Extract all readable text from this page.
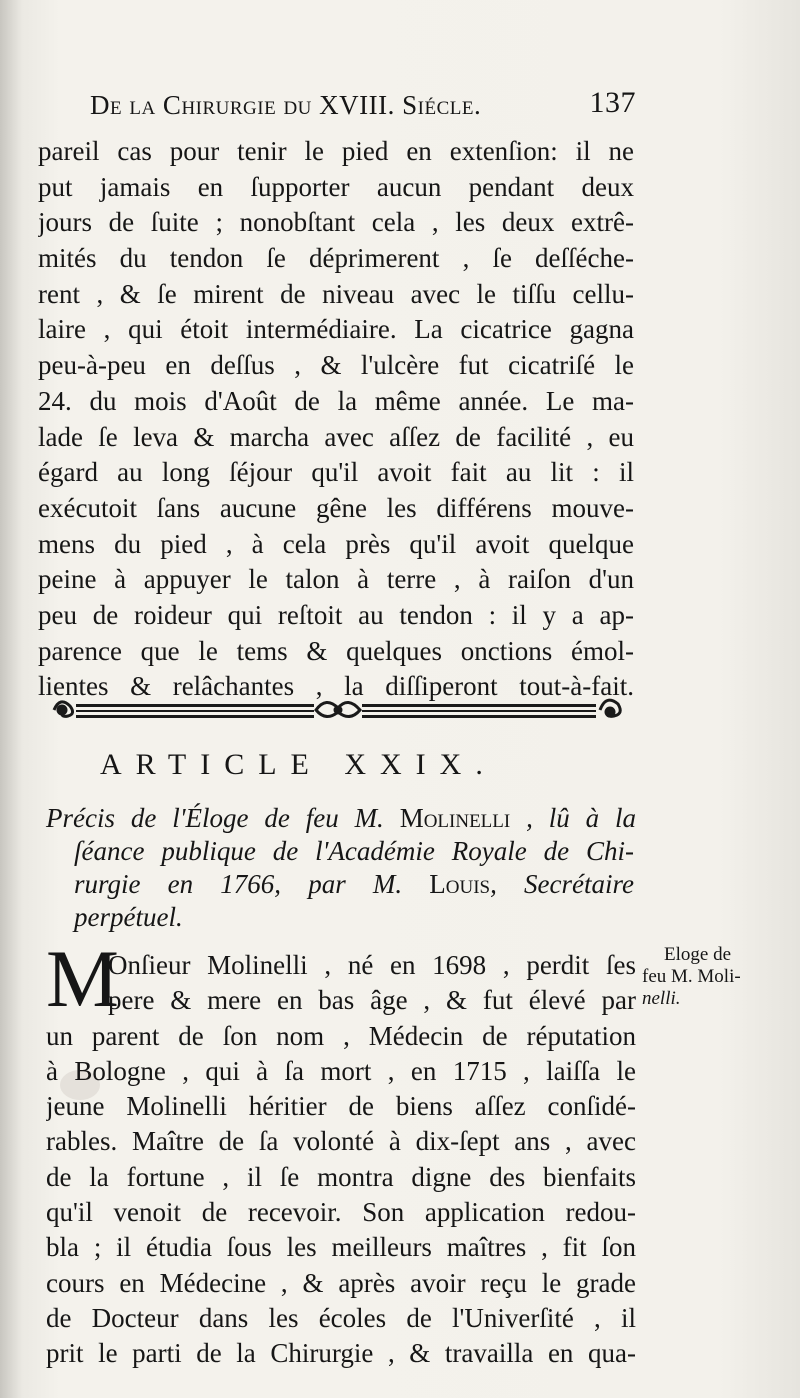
De la Chirurgie du XVIII. Siécle.	137
pareil cas pour tenir le pied en extenſion: il ne
put jamais en ſupporter aucun pendant deux
jours de ſuite ; nonobſtant cela , les deux extrê-
mités du tendon ſe déprimerent , ſe deſſéche-
rent , & ſe mirent de niveau avec le tiſſu cellu-
laire , qui étoit intermédiaire. La cicatrice gagna
peu-à-peu en deſſus , & l'ulcère fut cicatriſé le
24. du mois d'Août de la même année. Le ma-
lade ſe leva & marcha avec aſſez de facilité , eu
égard au long ſéjour qu'il avoit fait au lit : il
exécutoit ſans aucune gêne les différens mouve-
mens du pied , à cela près qu'il avoit quelque
peine à appuyer le talon à terre , à raiſon d'un
peu de roideur qui reſtoit au tendon : il y a ap-
parence que le tems & quelques onctions émol-
lientes & relâchantes , la diſſiperont tout-à-fait.
ARTICLE XXIX.
Précis de l'Éloge de feu M. Molinelli , lû à la
ſéance publique de l'Académie Royale de Chi-
rurgie en 1766, par M. Louis, Secrétaire
perpétuel.
M
Onſieur Molinelli , né en 1698 , perdit ſes
pere & mere en bas âge , & fut élevé par
un parent de ſon nom , Médecin de réputation
à Bologne , qui à ſa mort , en 1715 , laiſſa le
jeune Molinelli héritier de biens aſſez conſidé-
rables. Maître de ſa volonté à dix-ſept ans , avec
de la fortune , il ſe montra digne des bienfaits
qu'il venoit de recevoir. Son application redou-
bla ; il étudia ſous les meilleurs maîtres , fit ſon
cours en Médecine , & après avoir reçu le grade
de Docteur dans les écoles de l'Univerſité , il
prit le parti de la Chirurgie , & travailla en qua-
Eloge de
feu M. Moli-
nelli.
